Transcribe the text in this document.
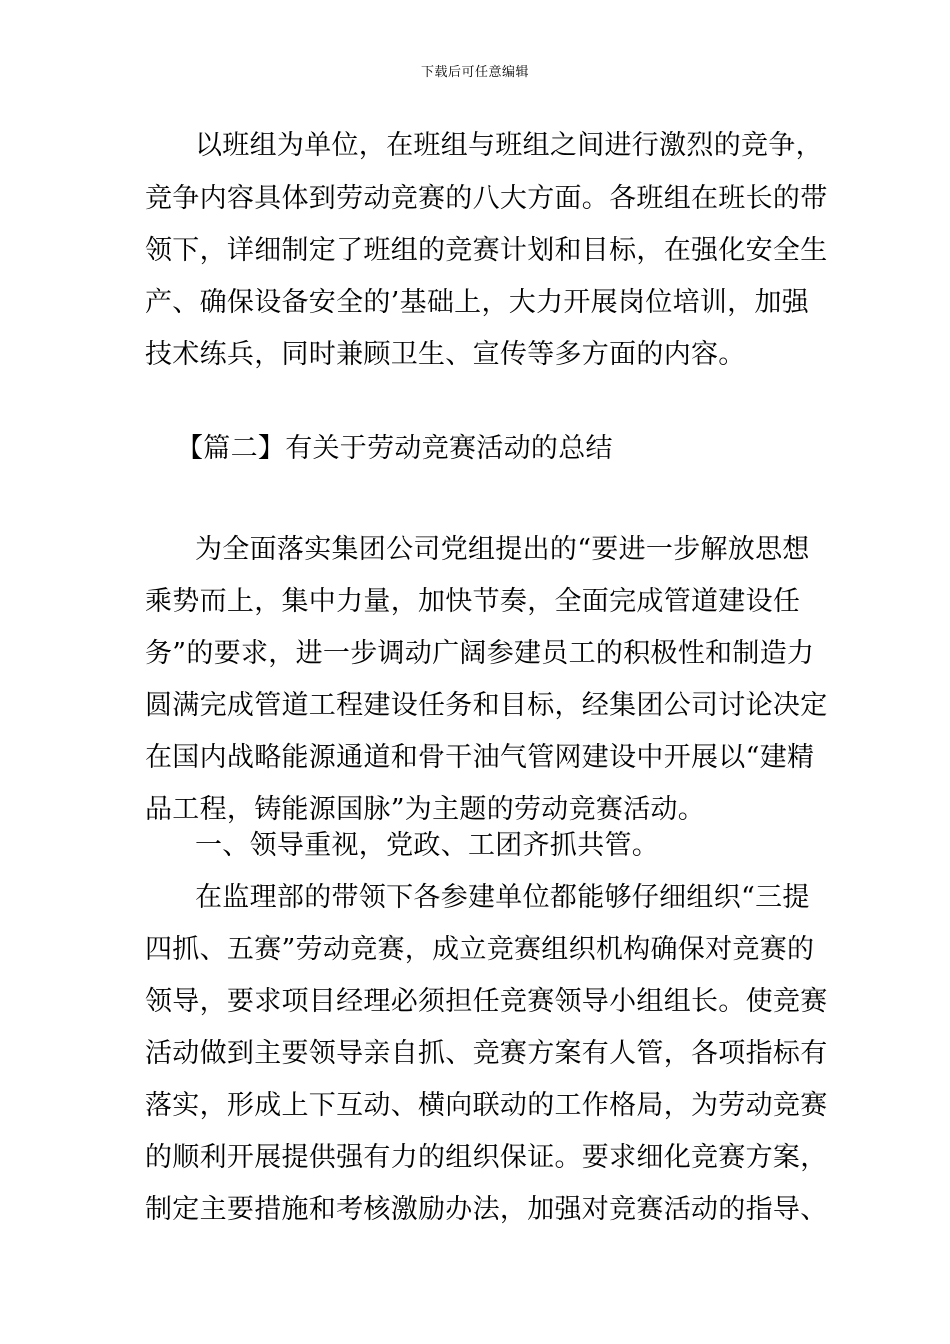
下载后可任意编辑
以班组为单位，在班组与班组之间进行激烈的竞争，
竞争内容具体到劳动竞赛的八大方面。各班组在班长的带
领下，详细制定了班组的竞赛计划和目标，在强化安全生
产、确保设备安全的’基础上，大力开展岗位培训，加强
技术练兵，同时兼顾卫生、宣传等多方面的内容。
【篇二】有关于劳动竞赛活动的总结
为全面落实集团公司党组提出的“要进一步解放思想
乘势而上，集中力量，加快节奏，全面完成管道建设任
务”的要求，进一步调动广阔参建员工的积极性和制造力
圆满完成管道工程建设任务和目标，经集团公司讨论决定
在国内战略能源通道和骨干油气管网建设中开展以“建精
品工程，铸能源国脉”为主题的劳动竞赛活动。
一、领导重视，党政、工团齐抓共管。
在监理部的带领下各参建单位都能够仔细组织“三提
四抓、五赛”劳动竞赛，成立竞赛组织机构确保对竞赛的
领导，要求项目经理必须担任竞赛领导小组组长。使竞赛
活动做到主要领导亲自抓、竞赛方案有人管，各项指标有
落实，形成上下互动、横向联动的工作格局，为劳动竞赛
的顺利开展提供强有力的组织保证。要求细化竞赛方案，
制定主要措施和考核激励办法，加强对竞赛活动的指导、
